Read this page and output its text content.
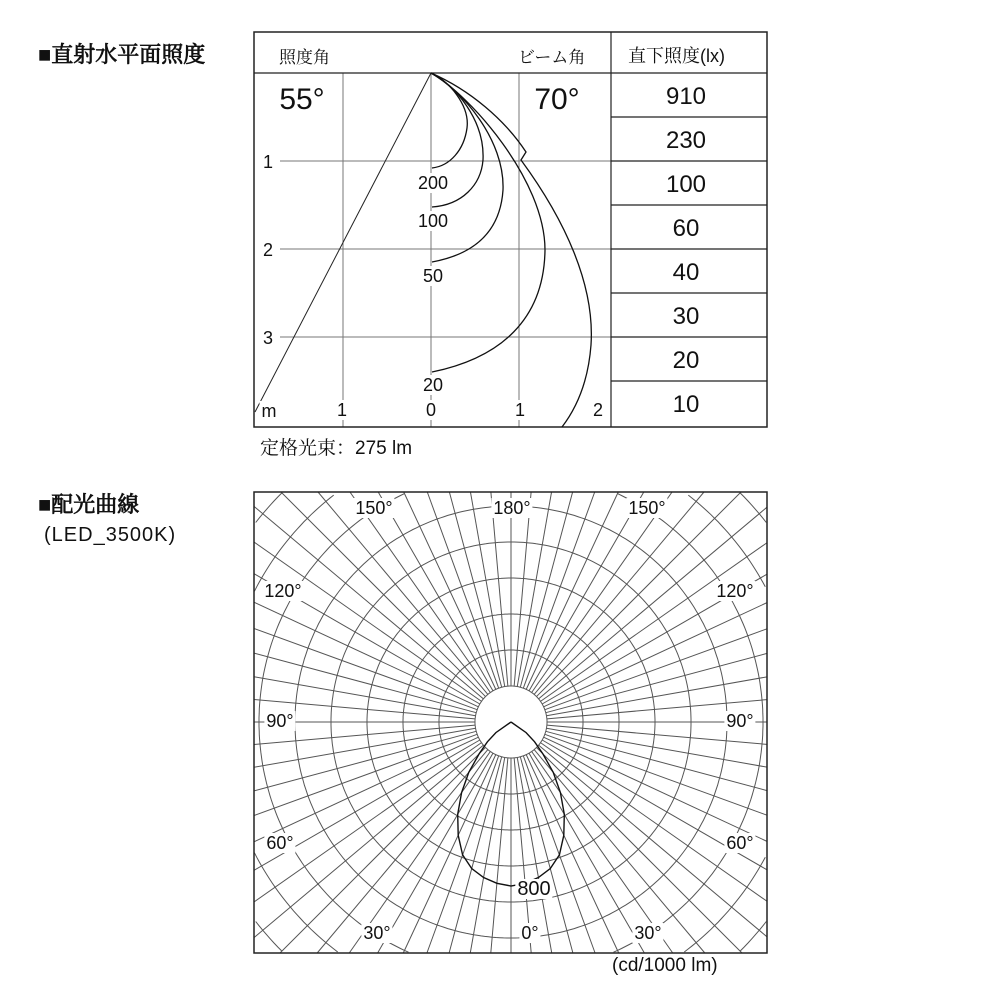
■直射水平面照度
■配光曲線
(LED_3500K)
照度角	ビーム角 直下照度(lx)
55°	70°	910
230
100
60
40
30
20
10
1
2
3
m	1	0	1	2
200
100
50
20
定格光束：275 lm
150°	180°	150°
120°	120°
90°	90°
60°	60°
30°	0°	30°
800
(cd/1000 lm)
